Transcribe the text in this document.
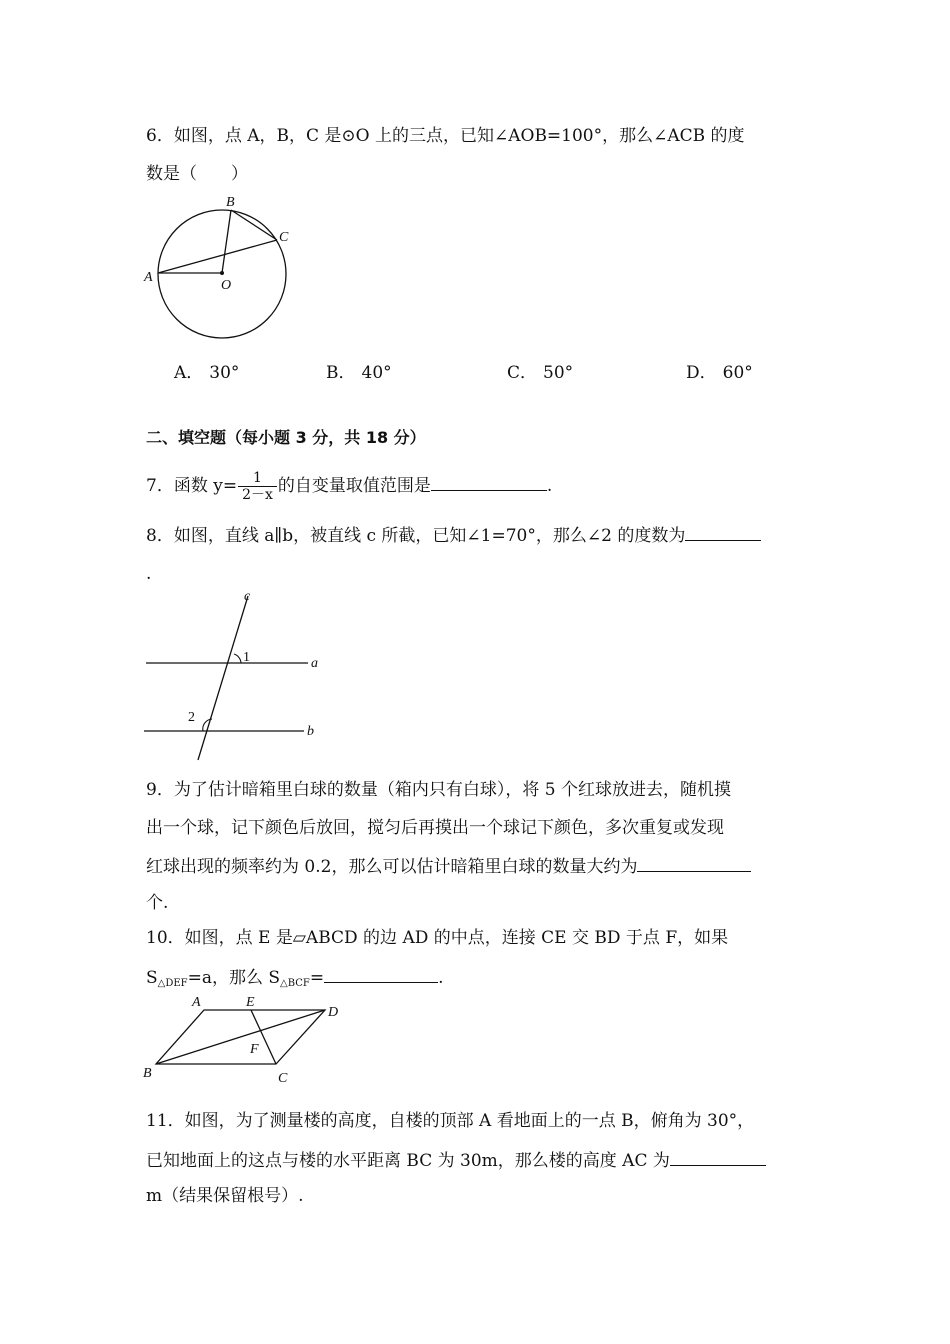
6．如图，点 A，B，C 是⊙O 上的三点，已知∠AOB=100°，那么∠ACB 的度
数是（　　）
B
C
A
O
A． 30°	B． 40°	C． 50°	D． 60°
二、填空题（每小题 3 分，共 18 分）
7．函数 $y= \frac{1}{2-x}$ 的自变量取值范围是	.
8．如图，直线 a∥b，被直线 c 所截，已知∠1=70°，那么∠2 的度数为
.
c
1	a
2
b
9．为了估计暗箱里白球的数量（箱内只有白球），将 5 个红球放进去，随机摸
出一个球，记下颜色后放回，搅匀后再摸出一个球记下颜色，多次重复或发现
红球出现的频率约为 0.2，那么可以估计暗箱里白球的数量大约为
个.
10．如图，点 E 是▱ABCD 的边 AD 的中点，连接 CE 交 BD 于点 F，如果
$S_{\triangle DEF}=a$，那么 $S_{\triangle BCF}=$	.
A	E
D
F
B	C
11．如图，为了测量楼的高度，自楼的顶部 A 看地面上的一点 B，俯角为 30°，
已知地面上的这点与楼的水平距离 BC 为 30m，那么楼的高度 AC 为
m（结果保留根号）.
